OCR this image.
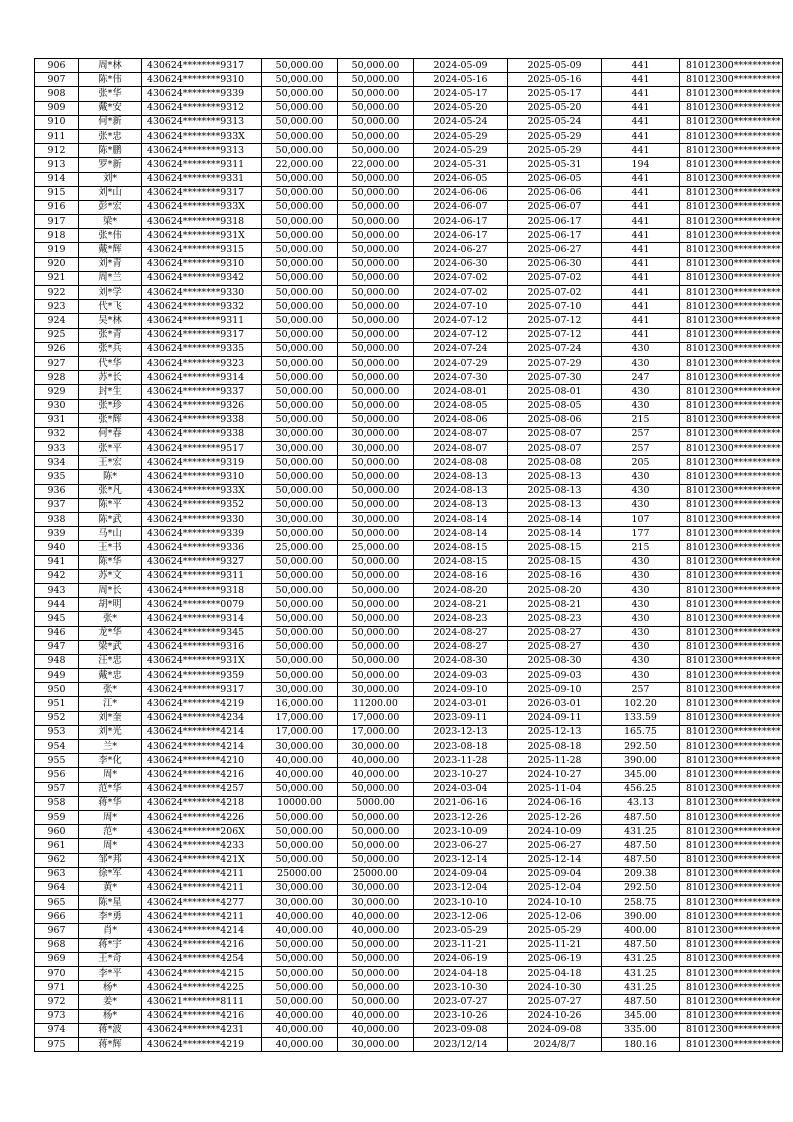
906	周*林	430624********9317	50,000.00	50,000.00	2024-05-09	2025-05-09	441	81012300**********
907	陈*伟	430624********9310	50,000.00	50,000.00	2024-05-16	2025-05-16	441	81012300**********
908	张*华	430624********9339	50,000.00	50,000.00	2024-05-17	2025-05-17	441	81012300**********
909	戴*安	430624********9312	50,000.00	50,000.00	2024-05-20	2025-05-20	441	81012300**********
910	何*新	430624********9313	50,000.00	50,000.00	2024-05-24	2025-05-24	441	81012300**********
911	张*忠	430624********933X	50,000.00	50,000.00	2024-05-29	2025-05-29	441	81012300**********
912	陈*鹏	430624********9313	50,000.00	50,000.00	2024-05-29	2025-05-29	441	81012300**********
913	罗*新	430624********9311	22,000.00	22,000.00	2024-05-31	2025-05-31	194	81012300**********
914	刘*	430624********9331	50,000.00	50,000.00	2024-06-05	2025-06-05	441	81012300**********
915	刘*山	430624********9317	50,000.00	50,000.00	2024-06-06	2025-06-06	441	81012300**********
916	彭*宏	430624********933X	50,000.00	50,000.00	2024-06-07	2025-06-07	441	81012300**********
917	梁*	430624********9318	50,000.00	50,000.00	2024-06-17	2025-06-17	441	81012300**********
918	张*伟	430624********931X	50,000.00	50,000.00	2024-06-17	2025-06-17	441	81012300**********
919	戴*辉	430624********9315	50,000.00	50,000.00	2024-06-27	2025-06-27	441	81012300**********
920	刘*青	430624********9310	50,000.00	50,000.00	2024-06-30	2025-06-30	441	81012300**********
921	周*兰	430624********9342	50,000.00	50,000.00	2024-07-02	2025-07-02	441	81012300**********
922	刘*学	430624********9330	50,000.00	50,000.00	2024-07-02	2025-07-02	441	81012300**********
923	代*飞	430624********9332	50,000.00	50,000.00	2024-07-10	2025-07-10	441	81012300**********
924	吴*林	430624********9311	50,000.00	50,000.00	2024-07-12	2025-07-12	441	81012300**********
925	张*青	430624********9317	50,000.00	50,000.00	2024-07-12	2025-07-12	441	81012300**********
926	张*兵	430624********9335	50,000.00	50,000.00	2024-07-24	2025-07-24	430	81012300**********
927	代*华	430624********9323	50,000.00	50,000.00	2024-07-29	2025-07-29	430	81012300**********
928	苏*长	430624********9314	50,000.00	50,000.00	2024-07-30	2025-07-30	247	81012300**********
929	封*生	430624********9337	50,000.00	50,000.00	2024-08-01	2025-08-01	430	81012300**********
930	张*珍	430624********9326	50,000.00	50,000.00	2024-08-05	2025-08-05	430	81012300**********
931	张*辉	430624********9338	50,000.00	50,000.00	2024-08-06	2025-08-06	215	81012300**********
932	何*春	430624********9338	30,000.00	30,000.00	2024-08-07	2025-08-07	257	81012300**********
933	张*平	430624********9517	30,000.00	30,000.00	2024-08-07	2025-08-07	257	81012300**********
934	王*宏	430624********9319	50,000.00	50,000.00	2024-08-08	2025-08-08	205	81012300**********
935	陈*	430624********9310	50,000.00	50,000.00	2024-08-13	2025-08-13	430	81012300**********
936	张*凡	430624********933X	50,000.00	50,000.00	2024-08-13	2025-08-13	430	81012300**********
937	陈*平	430624********9352	50,000.00	50,000.00	2024-08-13	2025-08-13	430	81012300**********
938	陈*武	430624********9330	30,000.00	30,000.00	2024-08-14	2025-08-14	107	81012300**********
939	马*山	430624********9339	50,000.00	50,000.00	2024-08-14	2025-08-14	177	81012300**********
940	王*书	430624********9336	25,000.00	25,000.00	2024-08-15	2025-08-15	215	81012300**********
941	陈*华	430624********9327	50,000.00	50,000.00	2024-08-15	2025-08-15	430	81012300**********
942	苏*文	430624********9311	50,000.00	50,000.00	2024-08-16	2025-08-16	430	81012300**********
943	周*长	430624********9318	50,000.00	50,000.00	2024-08-20	2025-08-20	430	81012300**********
944	胡*明	430624********0079	50,000.00	50,000.00	2024-08-21	2025-08-21	430	81012300**********
945	张*	430624********9314	50,000.00	50,000.00	2024-08-23	2025-08-23	430	81012300**********
946	龙*华	430624********9345	50,000.00	50,000.00	2024-08-27	2025-08-27	430	81012300**********
947	梁*武	430624********9316	50,000.00	50,000.00	2024-08-27	2025-08-27	430	81012300**********
948	汪*忠	430624********931X	50,000.00	50,000.00	2024-08-30	2025-08-30	430	81012300**********
949	戴*忠	430624********9359	50,000.00	50,000.00	2024-09-03	2025-09-03	430	81012300**********
950	张*	430624********9317	30,000.00	30,000.00	2024-09-10	2025-09-10	257	81012300**********
951	江*	430624********4219	16,000.00	11200.00	2024-03-01	2026-03-01	102.20	81012300**********
952	刘*奎	430624********4234	17,000.00	17,000.00	2023-09-11	2024-09-11	133.59	81012300**********
953	刘*光	430624********4214	17,000.00	17,000.00	2023-12-13	2025-12-13	165.75	81012300**********
954	兰*	430624********4214	30,000.00	30,000.00	2023-08-18	2025-08-18	292.50	81012300**********
955	李*化	430624********4210	40,000.00	40,000.00	2023-11-28	2025-11-28	390.00	81012300**********
956	周*	430624********4216	40,000.00	40,000.00	2023-10-27	2024-10-27	345.00	81012300**********
957	范*华	430624********4257	50,000.00	50,000.00	2024-03-04	2025-11-04	456.25	81012300**********
958	蒋*华	430624********4218	10000.00	5000.00	2021-06-16	2024-06-16	43.13	81012300**********
959	周*	430624********4226	50,000.00	50,000.00	2023-12-26	2025-12-26	487.50	81012300**********
960	范*	430624********206X	50,000.00	50,000.00	2023-10-09	2024-10-09	431.25	81012300**********
961	周*	430624********4233	50,000.00	50,000.00	2023-06-27	2025-06-27	487.50	81012300**********
962	邹*邦	430624********421X	50,000.00	50,000.00	2023-12-14	2025-12-14	487.50	81012300**********
963	徐*军	430624********4211	25000.00	25000.00	2024-09-04	2025-09-04	209.38	81012300**********
964	黄*	430624********4211	30,000.00	30,000.00	2023-12-04	2025-12-04	292.50	81012300**********
965	陈*星	430624********4277	30,000.00	30,000.00	2023-10-10	2024-10-10	258.75	81012300**********
966	李*勇	430624********4211	40,000.00	40,000.00	2023-12-06	2025-12-06	390.00	81012300**********
967	肖*	430624********4214	40,000.00	40,000.00	2023-05-29	2025-05-29	400.00	81012300**********
968	蒋*宇	430624********4216	50,000.00	50,000.00	2023-11-21	2025-11-21	487.50	81012300**********
969	王*奇	430624********4254	50,000.00	50,000.00	2024-06-19	2025-06-19	431.25	81012300**********
970	李*平	430624********4215	50,000.00	50,000.00	2024-04-18	2025-04-18	431.25	81012300**********
971	杨*	430624********4225	50,000.00	50,000.00	2023-10-30	2024-10-30	431.25	81012300**********
972	姜*	430621********8111	50,000.00	50,000.00	2023-07-27	2025-07-27	487.50	81012300**********
973	杨*	430624********4216	40,000.00	40,000.00	2023-10-26	2024-10-26	345.00	81012300**********
974	蒋*波	430624********4231	40,000.00	40,000.00	2023-09-08	2024-09-08	335.00	81012300**********
975	蒋*辉	430624********4219	40,000.00	30,000.00	2023/12/14	2024/8/7	180.16	81012300**********
